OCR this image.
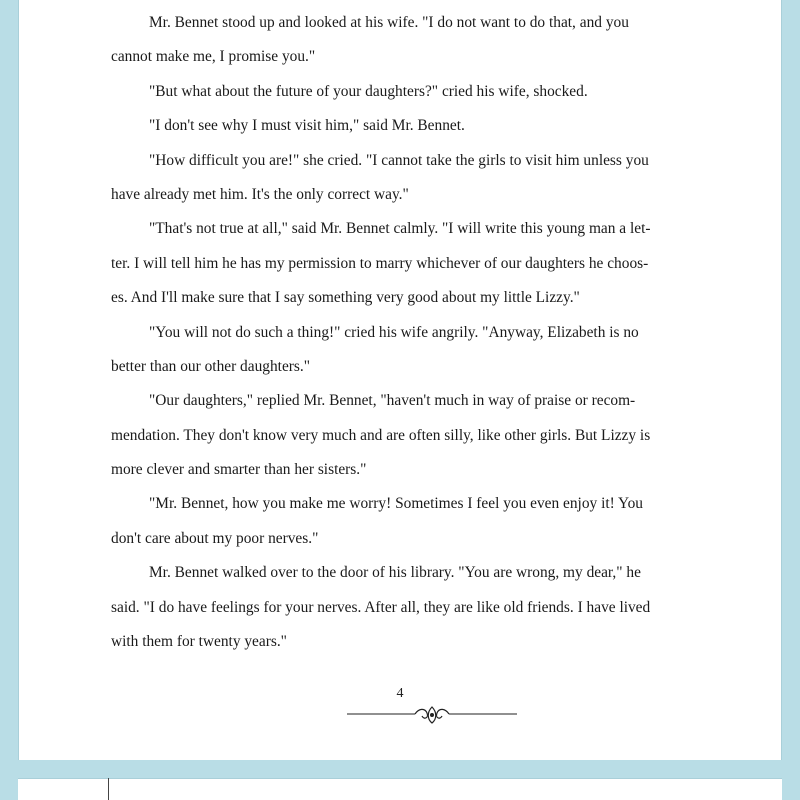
Mr. Bennet stood up and looked at his wife. "I do not want to do that, and you
cannot make me, I promise you."
"But what about the future of your daughters?" cried his wife, shocked.
"I don't see why I must visit him," said Mr. Bennet.
"How difficult you are!" she cried. "I cannot take the girls to visit him unless you
have already met him. It's the only correct way."
"That's not true at all," said Mr. Bennet calmly. "I will write this young man a let-
ter. I will tell him he has my permission to marry whichever of our daughters he choos-
es. And I'll make sure that I say something very good about my little Lizzy."
"You will not do such a thing!" cried his wife angrily. "Anyway, Elizabeth is no
better than our other daughters."
"Our daughters," replied Mr. Bennet, "haven't much in way of praise or recom-
mendation. They don't know very much and are often silly, like other girls. But Lizzy is
more clever and smarter than her sisters."
"Mr. Bennet, how you make me worry! Sometimes I feel you even enjoy it! You
don't care about my poor nerves."
Mr. Bennet walked over to the door of his library. "You are wrong, my dear," he
said. "I do have feelings for your nerves. After all, they are like old friends. I have lived
with them for twenty years."
4
